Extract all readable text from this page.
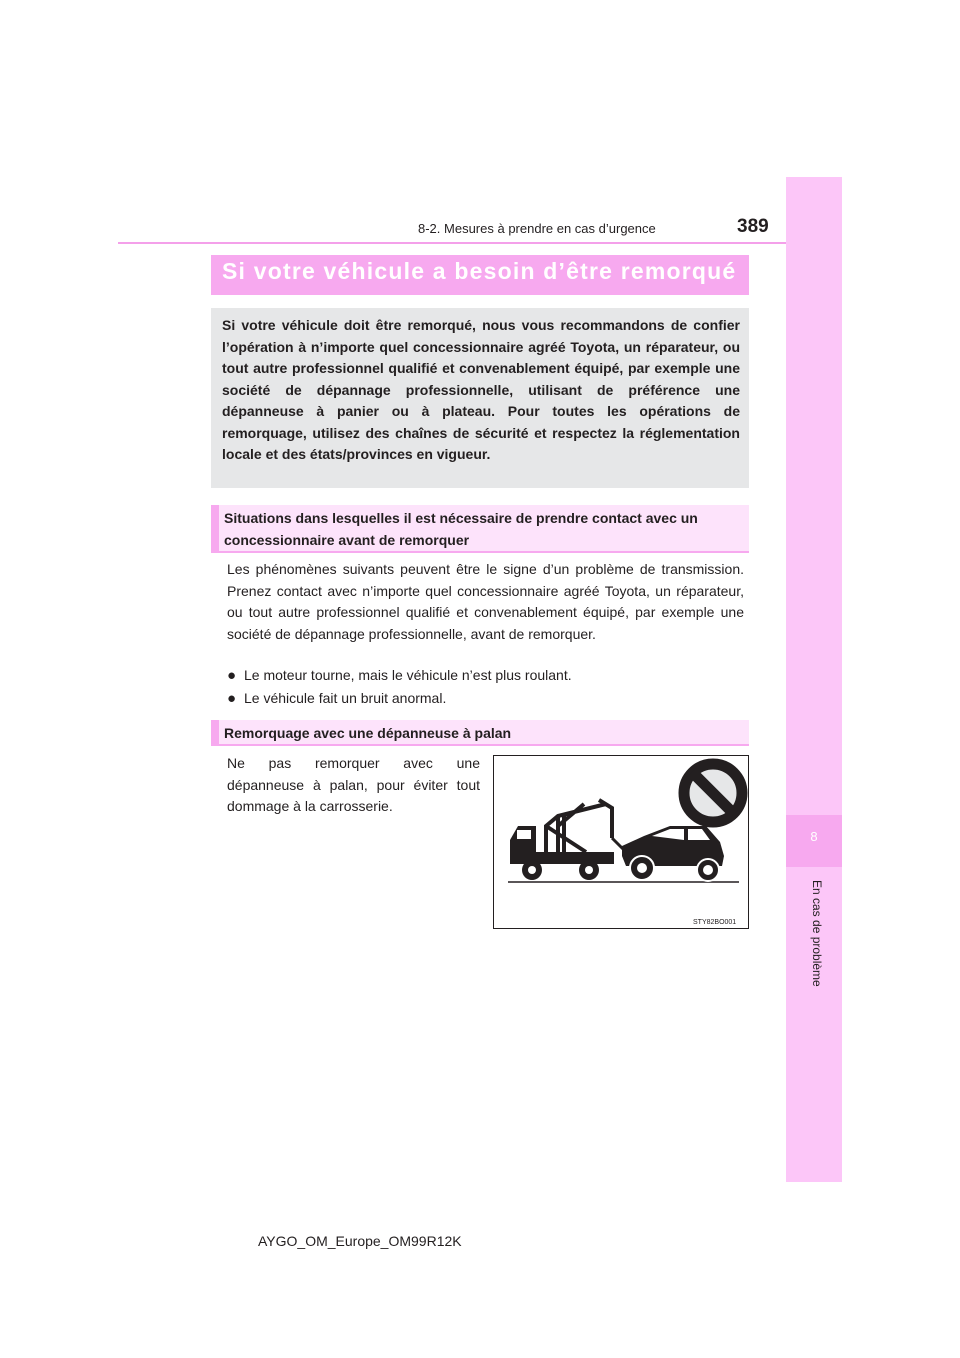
8
En cas de problème
8-2. Mesures à prendre en cas d’urgence	389
Si votre véhicule a besoin d’être remorqué
Si votre véhicule doit être remorqué, nous vous recommandons de confier l’opération à n’importe quel concessionnaire agréé Toyota, un réparateur, ou tout autre professionnel qualifié et convenablement équipé, par exemple une société de dépannage professionnelle, utilisant de préférence une dépanneuse à panier ou à plateau. Pour toutes les opérations de remorquage, utilisez des chaînes de sécurité et respectez la réglementation locale et des états/provinces en vigueur.
Situations dans lesquelles il est nécessaire de prendre contact avec un concessionnaire avant de remorquer
Les phénomènes suivants peuvent être le signe d’un problème de transmission. Prenez contact avec n’importe quel concessionnaire agréé Toyota, un réparateur, ou tout autre professionnel qualifié et convenablement équipé, par exemple une société de dépannage professionnelle, avant de remorquer.
● Le moteur tourne, mais le véhicule n’est plus roulant.
● Le véhicule fait un bruit anormal.
Remorquage avec une dépanneuse à palan
Ne pas remorquer avec une dépanneuse à palan, pour éviter tout dommage à la carrosserie.
STY82BO001
AYGO_OM_Europe_OM99R12K
